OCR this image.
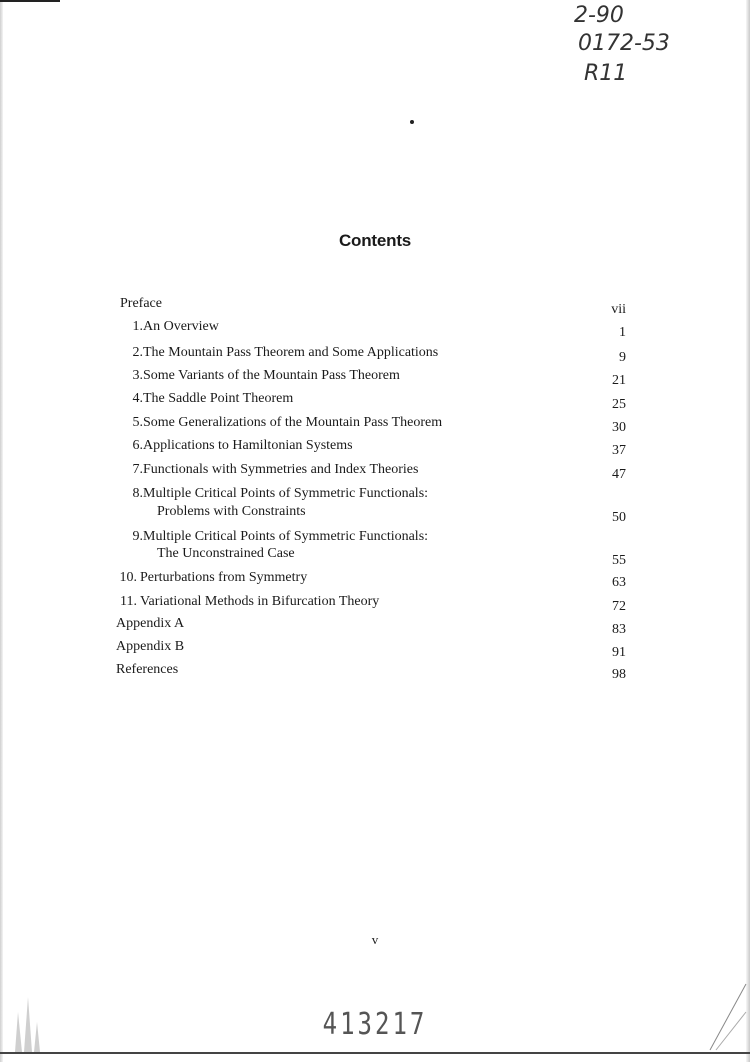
2-90
0172-53
R11
Contents
Preface	vii
1. An Overview	1
2. The Mountain Pass Theorem and Some Applications	9
3. Some Variants of the Mountain Pass Theorem	21
4. The Saddle Point Theorem	25
5. Some Generalizations of the Mountain Pass Theorem	30
6. Applications to Hamiltonian Systems	37
7. Functionals with Symmetries and Index Theories	47
8. Multiple Critical Points of Symmetric Functionals:
Problems with Constraints	50
9. Multiple Critical Points of Symmetric Functionals:
The Unconstrained Case	55
10. Perturbations from Symmetry	63
11. Variational Methods in Bifurcation Theory	72
Appendix A	83
Appendix B	91
References	98
v
413217
